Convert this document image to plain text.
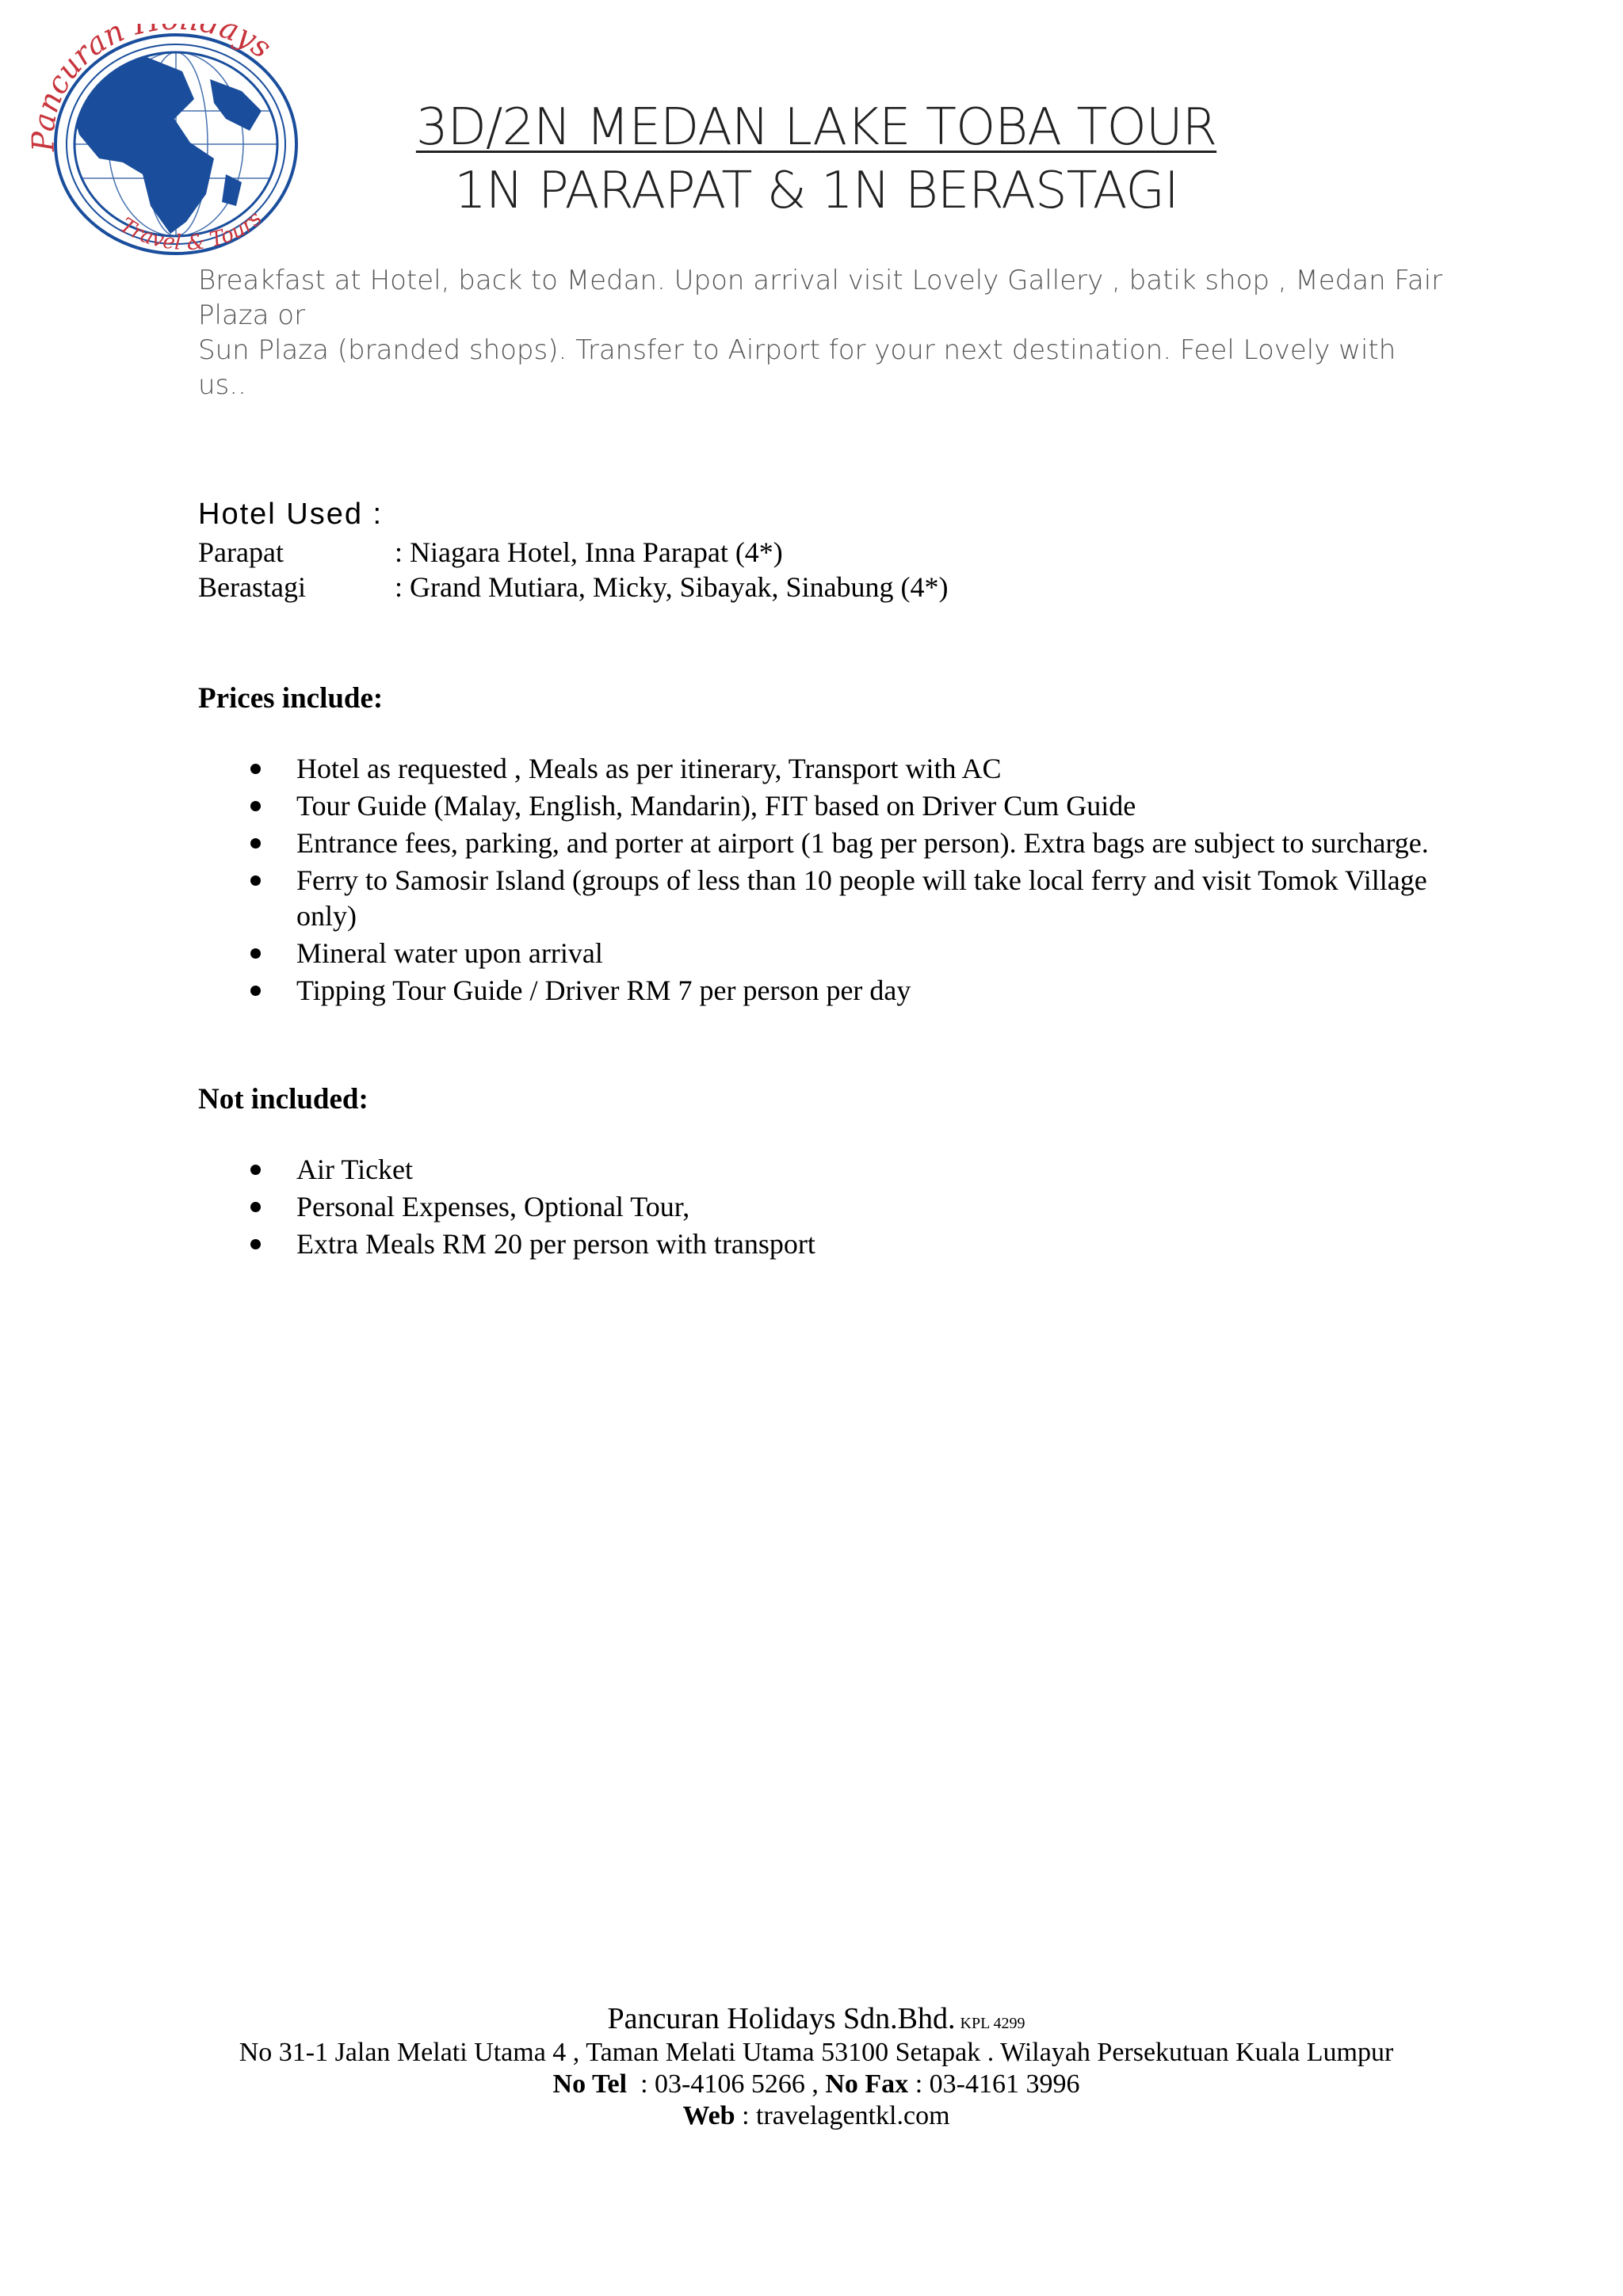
Pancuran ays
Travel & Tours
3D/2N MEDAN LAKE TOBA TOUR
1N PARAPAT & 1N BERASTAGI

Breakfast at Hotel, back to Medan. Upon arrival visit Lovely Gallery , batik shop , Medan Fair Plaza or

Sun Plaza (branded shops). Transfer to Airport for your next destination. Feel Lovely with us..

Hotel Used :
Parapat	: Niagara Hotel, Inna Parapat (4*)
Berastagi	: Grand Mutiara, Micky, Sibayak, Sinabung (4*)
Prices include:
Hotel as requested , Meals as per itinerary, Transport with AC
Tour Guide (Malay, English, Mandarin), FIT based on Driver Cum Guide
Entrance fees, parking, and porter at airport (1 bag per person). Extra bags are subject to surcharge.
Ferry to Samosir Island (groups of less than 10 people will take local ferry and visit Tomok Village only)
Mineral water upon arrival
Tipping Tour Guide / Driver RM 7 per person per day
Not included:
Air Ticket
Personal Expenses, Optional Tour,
Extra Meals RM 20 per person with transport
Pancuran Holidays Sdn.Bhd. KPL 4299
No 31-1 Jalan Melati Utama 4 , Taman Melati Utama 53100 Setapak . Wilayah Persekutuan Kuala Lumpur
No Tel  : 03-4106 5266 , No Fax : 03-4161 3996
Web : travelagentkl.com
